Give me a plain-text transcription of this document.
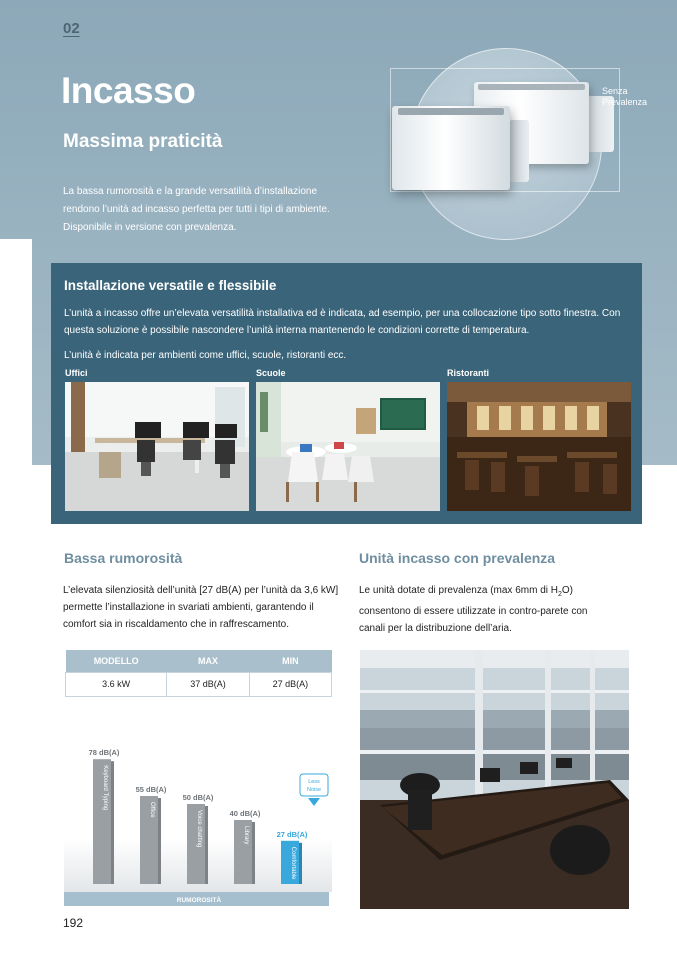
02
Incasso
Massima praticità
La bassa rumorosità e la grande versatilità d’installazione rendono l’unità ad incasso perfetta per tutti i tipi di ambiente. Disponibile in versione con prevalenza.
Senza
Prevalenza
Installazione versatile e flessibile
L’unità a incasso offre un’elevata versatilità installativa ed è indicata, ad esempio, per una collocazione tipo sotto finestra. Con questa soluzione è possibile nascondere l’unità interna mantenendo le condizioni corrette di temperatura.
L’unità è indicata per ambienti come uffici, scuole, ristoranti ecc.
Uffici	Scuole	Ristoranti
Bassa rumorosità
L’elevata silenziosità dell’unità [27 dB(A) per l’unità da 3,6 kW] permette l’installazione in svariati ambienti, garantendo il comfort sia in riscaldamento che in raffrescamento.
MODELLO	MAX	MIN
3.6 kW	37 dB(A)	27 dB(A)
RUMOROSITÀ
78 dB(A)
Keyboard Typing	55 dB(A)
Office
50 dB(A)
Voice chatting	40 dB(A)
Library	27 dB(A)
Comfortable
Less
Noise
Unità incasso con prevalenza
Le unità dotate di prevalenza (max 6mm di $H_2O$) consentono di essere utilizzate in contro-parete con canali per la distribuzione dell’aria.
192
